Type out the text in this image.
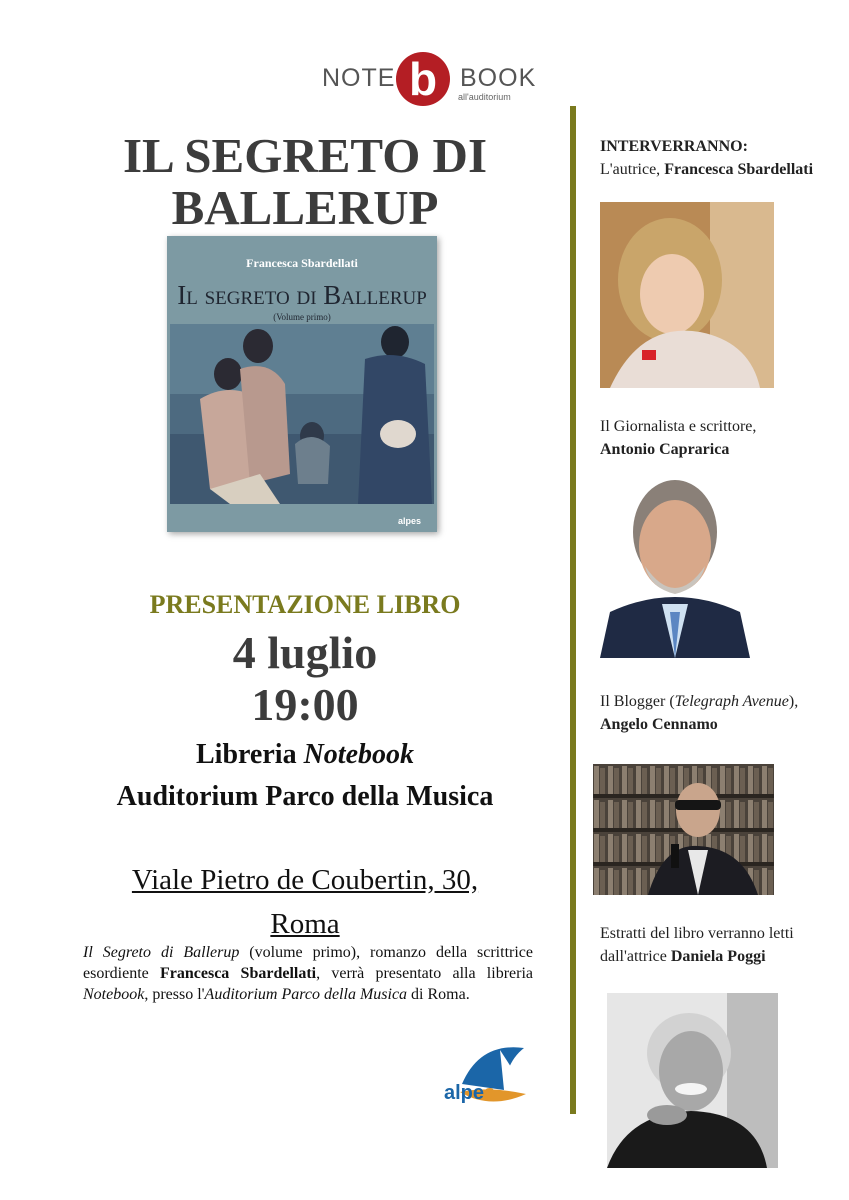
NOTE b BOOK
all'auditorium
IL SEGRETO DI BALLERUP
Francesca Sbardellati
Il segreto di Ballerup
(Volume primo)
alpes
PRESENTAZIONE LIBRO
4 luglio
19:00
Libreria Notebook
Auditorium Parco della Musica
Viale Pietro de Coubertin, 30,
Roma

Il Segreto di Ballerup (volume primo), romanzo della scrittrice esordiente Francesca Sbardellati, verrà presentato alla libreria Notebook, presso l'Auditorium Parco della Musica di Roma.

alpes

INTERVERRANNO:
L'autrice, Francesca Sbardellati

Il Giornalista e scrittore, Antonio Caprarica

Il Blogger (Telegraph Avenue), Angelo Cennamo

Estratti del libro verranno letti dall'attrice Daniela Poggi
